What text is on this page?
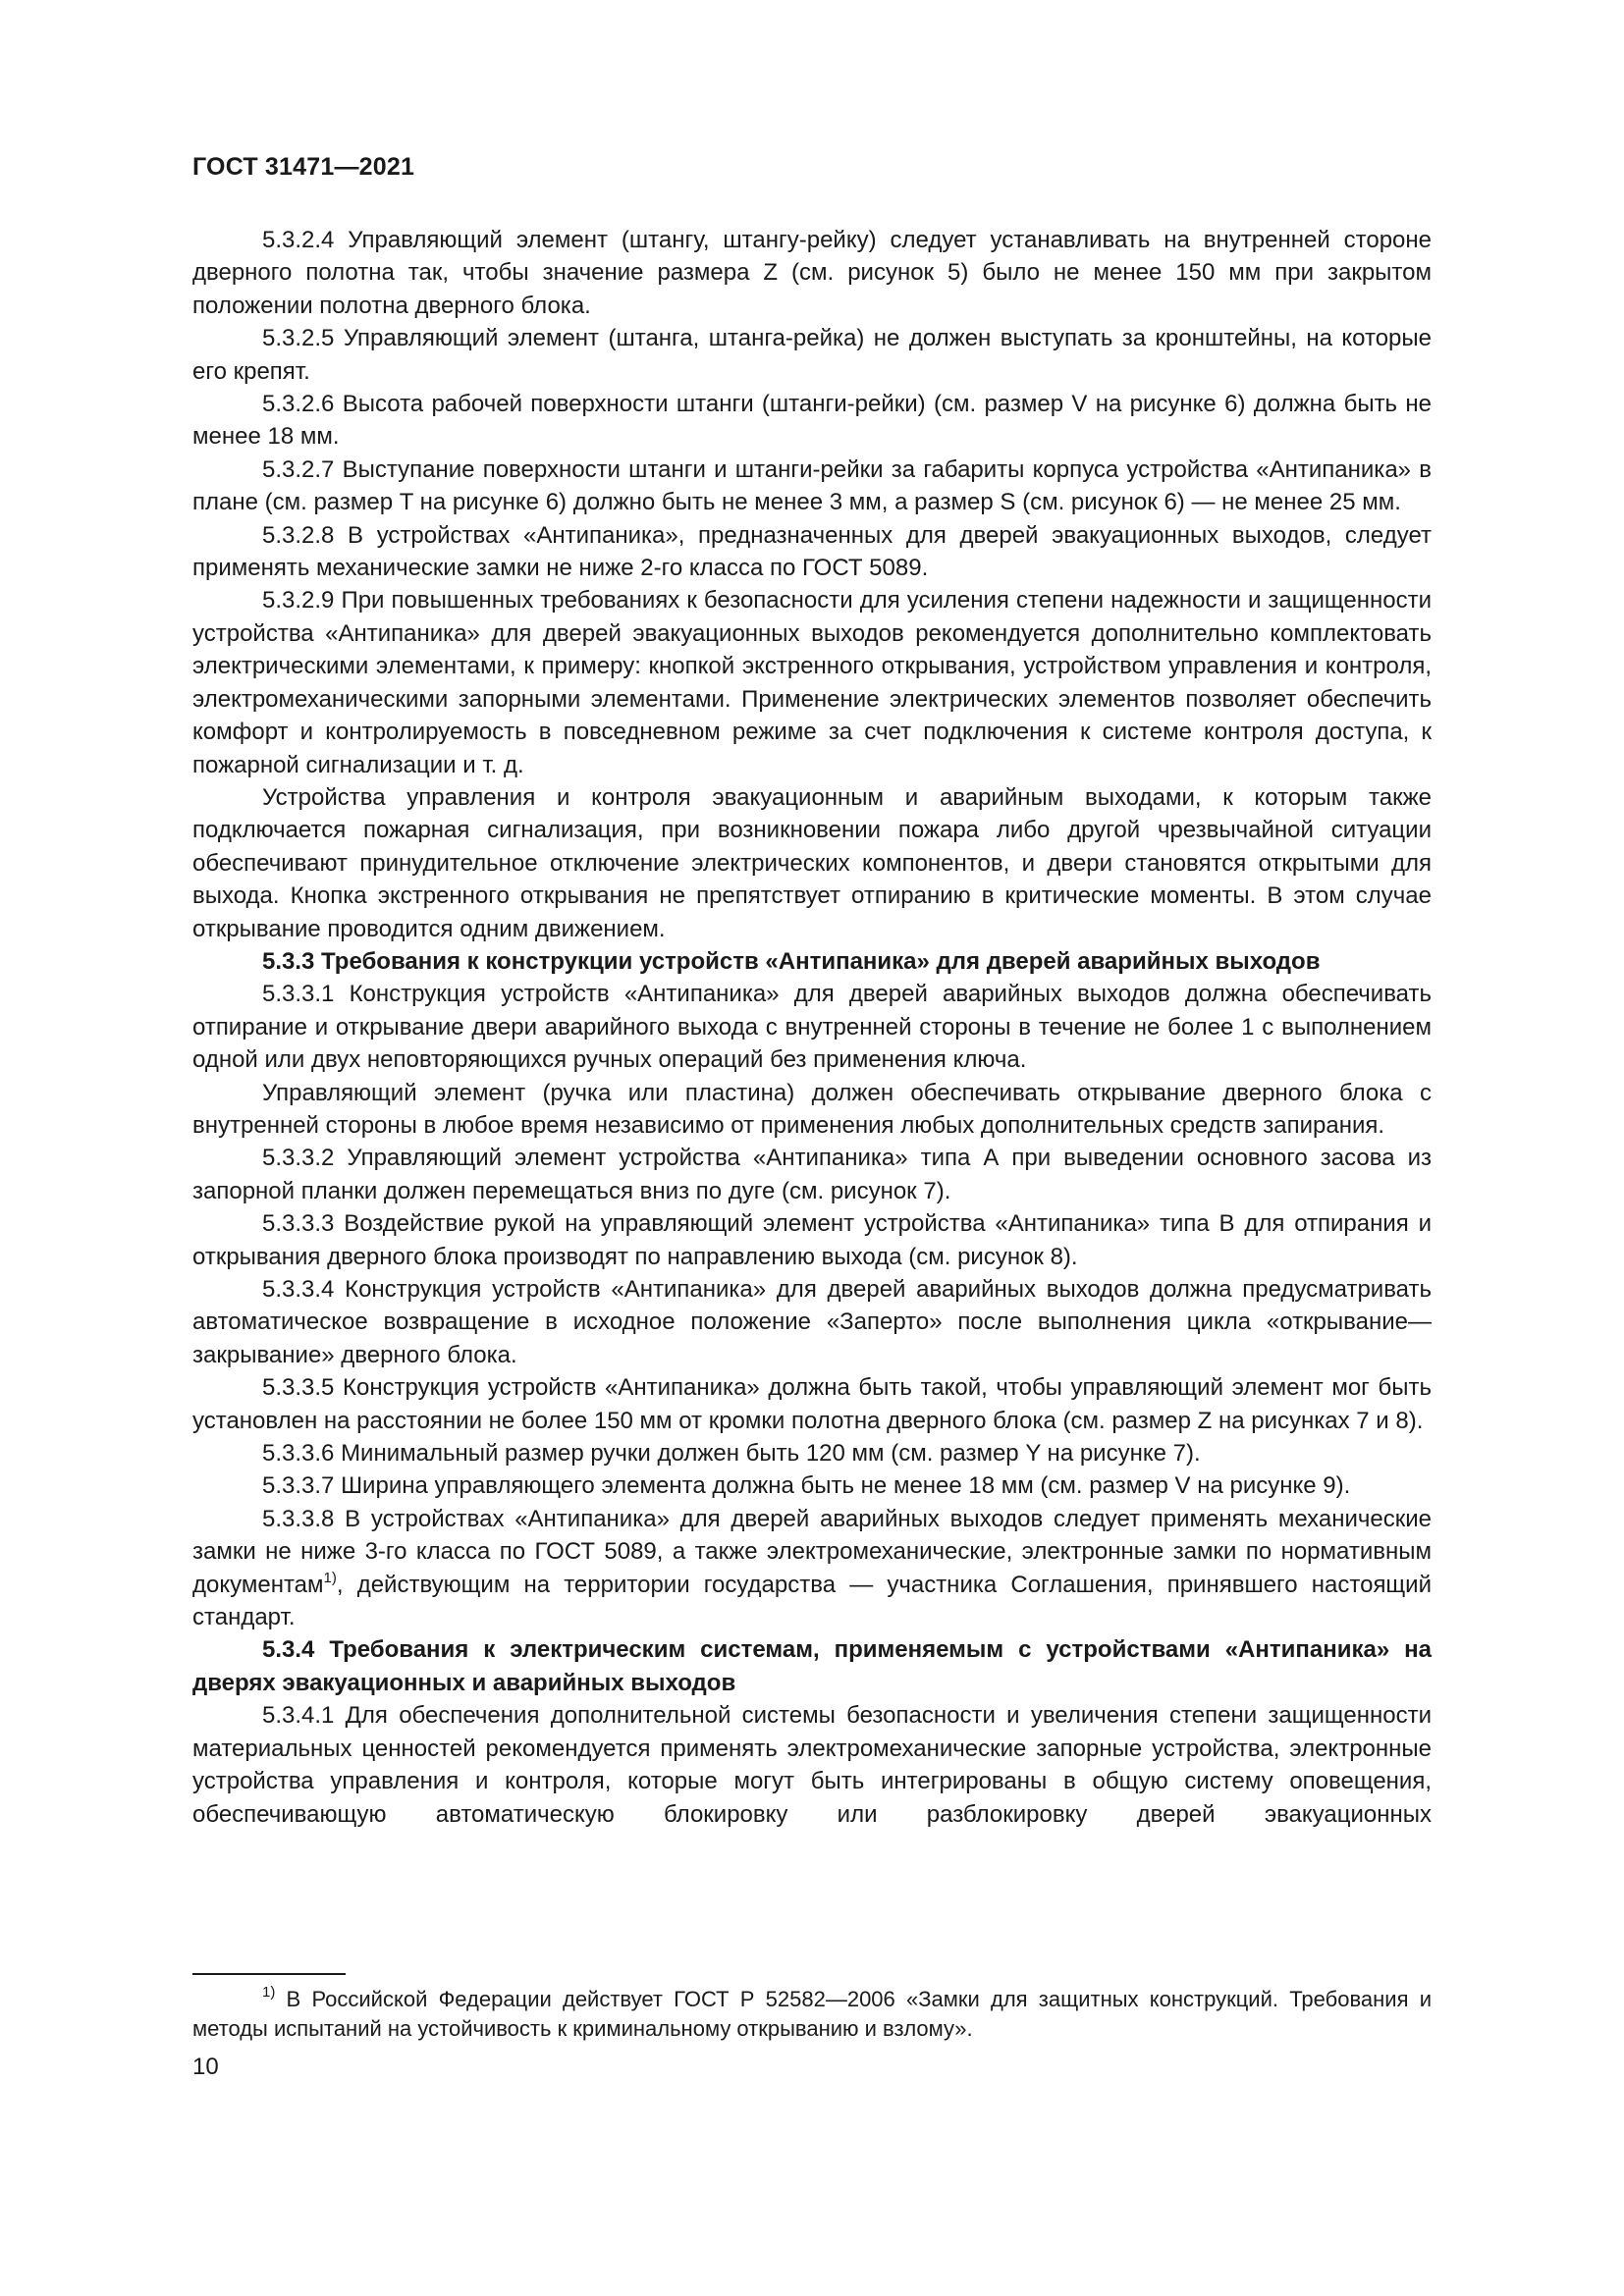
ГОСТ 31471—2021

5.3.2.4 Управляющий элемент (штангу, штангу-рейку) следует устанавливать на внутренней стороне дверного полотна так, чтобы значение размера Z (см. рисунок 5) было не менее 150 мм при закрытом положении полотна дверного блока.

5.3.2.5 Управляющий элемент (штанга, штанга-рейка) не должен выступать за кронштейны, на которые его крепят.

5.3.2.6 Высота рабочей поверхности штанги (штанги-рейки) (см. размер V на рисунке 6) должна быть не менее 18 мм.

5.3.2.7 Выступание поверхности штанги и штанги-рейки за габариты корпуса устройства «Антипаника» в плане (см. размер T на рисунке 6) должно быть не менее 3 мм, а размер S (см. рисунок 6) — не менее 25 мм.

5.3.2.8 В устройствах «Антипаника», предназначенных для дверей эвакуационных выходов, следует применять механические замки не ниже 2-го класса по ГОСТ 5089.

5.3.2.9 При повышенных требованиях к безопасности для усиления степени надежности и защищенности устройства «Антипаника» для дверей эвакуационных выходов рекомендуется дополнительно комплектовать электрическими элементами, к примеру: кнопкой экстренного открывания, устройством управления и контроля, электромеханическими запорными элементами. Применение электрических элементов позволяет обеспечить комфорт и контролируемость в повседневном режиме за счет подключения к системе контроля доступа, к пожарной сигнализации и т. д.

Устройства управления и контроля эвакуационным и аварийным выходами, к которым также подключается пожарная сигнализация, при возникновении пожара либо другой чрезвычайной ситуации обеспечивают принудительное отключение электрических компонентов, и двери становятся открытыми для выхода. Кнопка экстренного открывания не препятствует отпиранию в критические моменты. В этом случае открывание проводится одним движением.

5.3.3 Требования к конструкции устройств «Антипаника» для дверей аварийных выходов

5.3.3.1 Конструкция устройств «Антипаника» для дверей аварийных выходов должна обеспечивать отпирание и открывание двери аварийного выхода с внутренней стороны в течение не более 1 с выполнением одной или двух неповторяющихся ручных операций без применения ключа.

Управляющий элемент (ручка или пластина) должен обеспечивать открывание дверного блока с внутренней стороны в любое время независимо от применения любых дополнительных средств запирания.

5.3.3.2 Управляющий элемент устройства «Антипаника» типа А при выведении основного засова из запорной планки должен перемещаться вниз по дуге (см. рисунок 7).

5.3.3.3 Воздействие рукой на управляющий элемент устройства «Антипаника» типа В для отпирания и открывания дверного блока производят по направлению выхода (см. рисунок 8).

5.3.3.4 Конструкция устройств «Антипаника» для дверей аварийных выходов должна предусматривать автоматическое возвращение в исходное положение «Заперто» после выполнения цикла «открывание—закрывание» дверного блока.

5.3.3.5 Конструкция устройств «Антипаника» должна быть такой, чтобы управляющий элемент мог быть установлен на расстоянии не более 150 мм от кромки полотна дверного блока (см. размер Z на рисунках 7 и 8).

5.3.3.6 Минимальный размер ручки должен быть 120 мм (см. размер Y на рисунке 7).

5.3.3.7 Ширина управляющего элемента должна быть не менее 18 мм (см. размер V на рисунке 9).

5.3.3.8 В устройствах «Антипаника» для дверей аварийных выходов следует применять механические замки не ниже 3-го класса по ГОСТ 5089, а также электромеханические, электронные замки по нормативным документам$^{1)}$, действующим на территории государства — участника Соглашения, принявшего настоящий стандарт.

5.3.4 Требования к электрическим системам, применяемым с устройствами «Антипаника» на дверях эвакуационных и аварийных выходов

5.3.4.1 Для обеспечения дополнительной системы безопасности и увеличения степени защищенности материальных ценностей рекомендуется применять электромеханические запорные устройства, электронные устройства управления и контроля, которые могут быть интегрированы в общую систему оповещения, обеспечивающую автоматическую блокировку или разблокировку дверей эвакуационных

$^{1)}$ В Российской Федерации действует ГОСТ Р 52582—2006 «Замки для защитных конструкций. Требования и методы испытаний на устойчивость к криминальному открыванию и взлому».

10
